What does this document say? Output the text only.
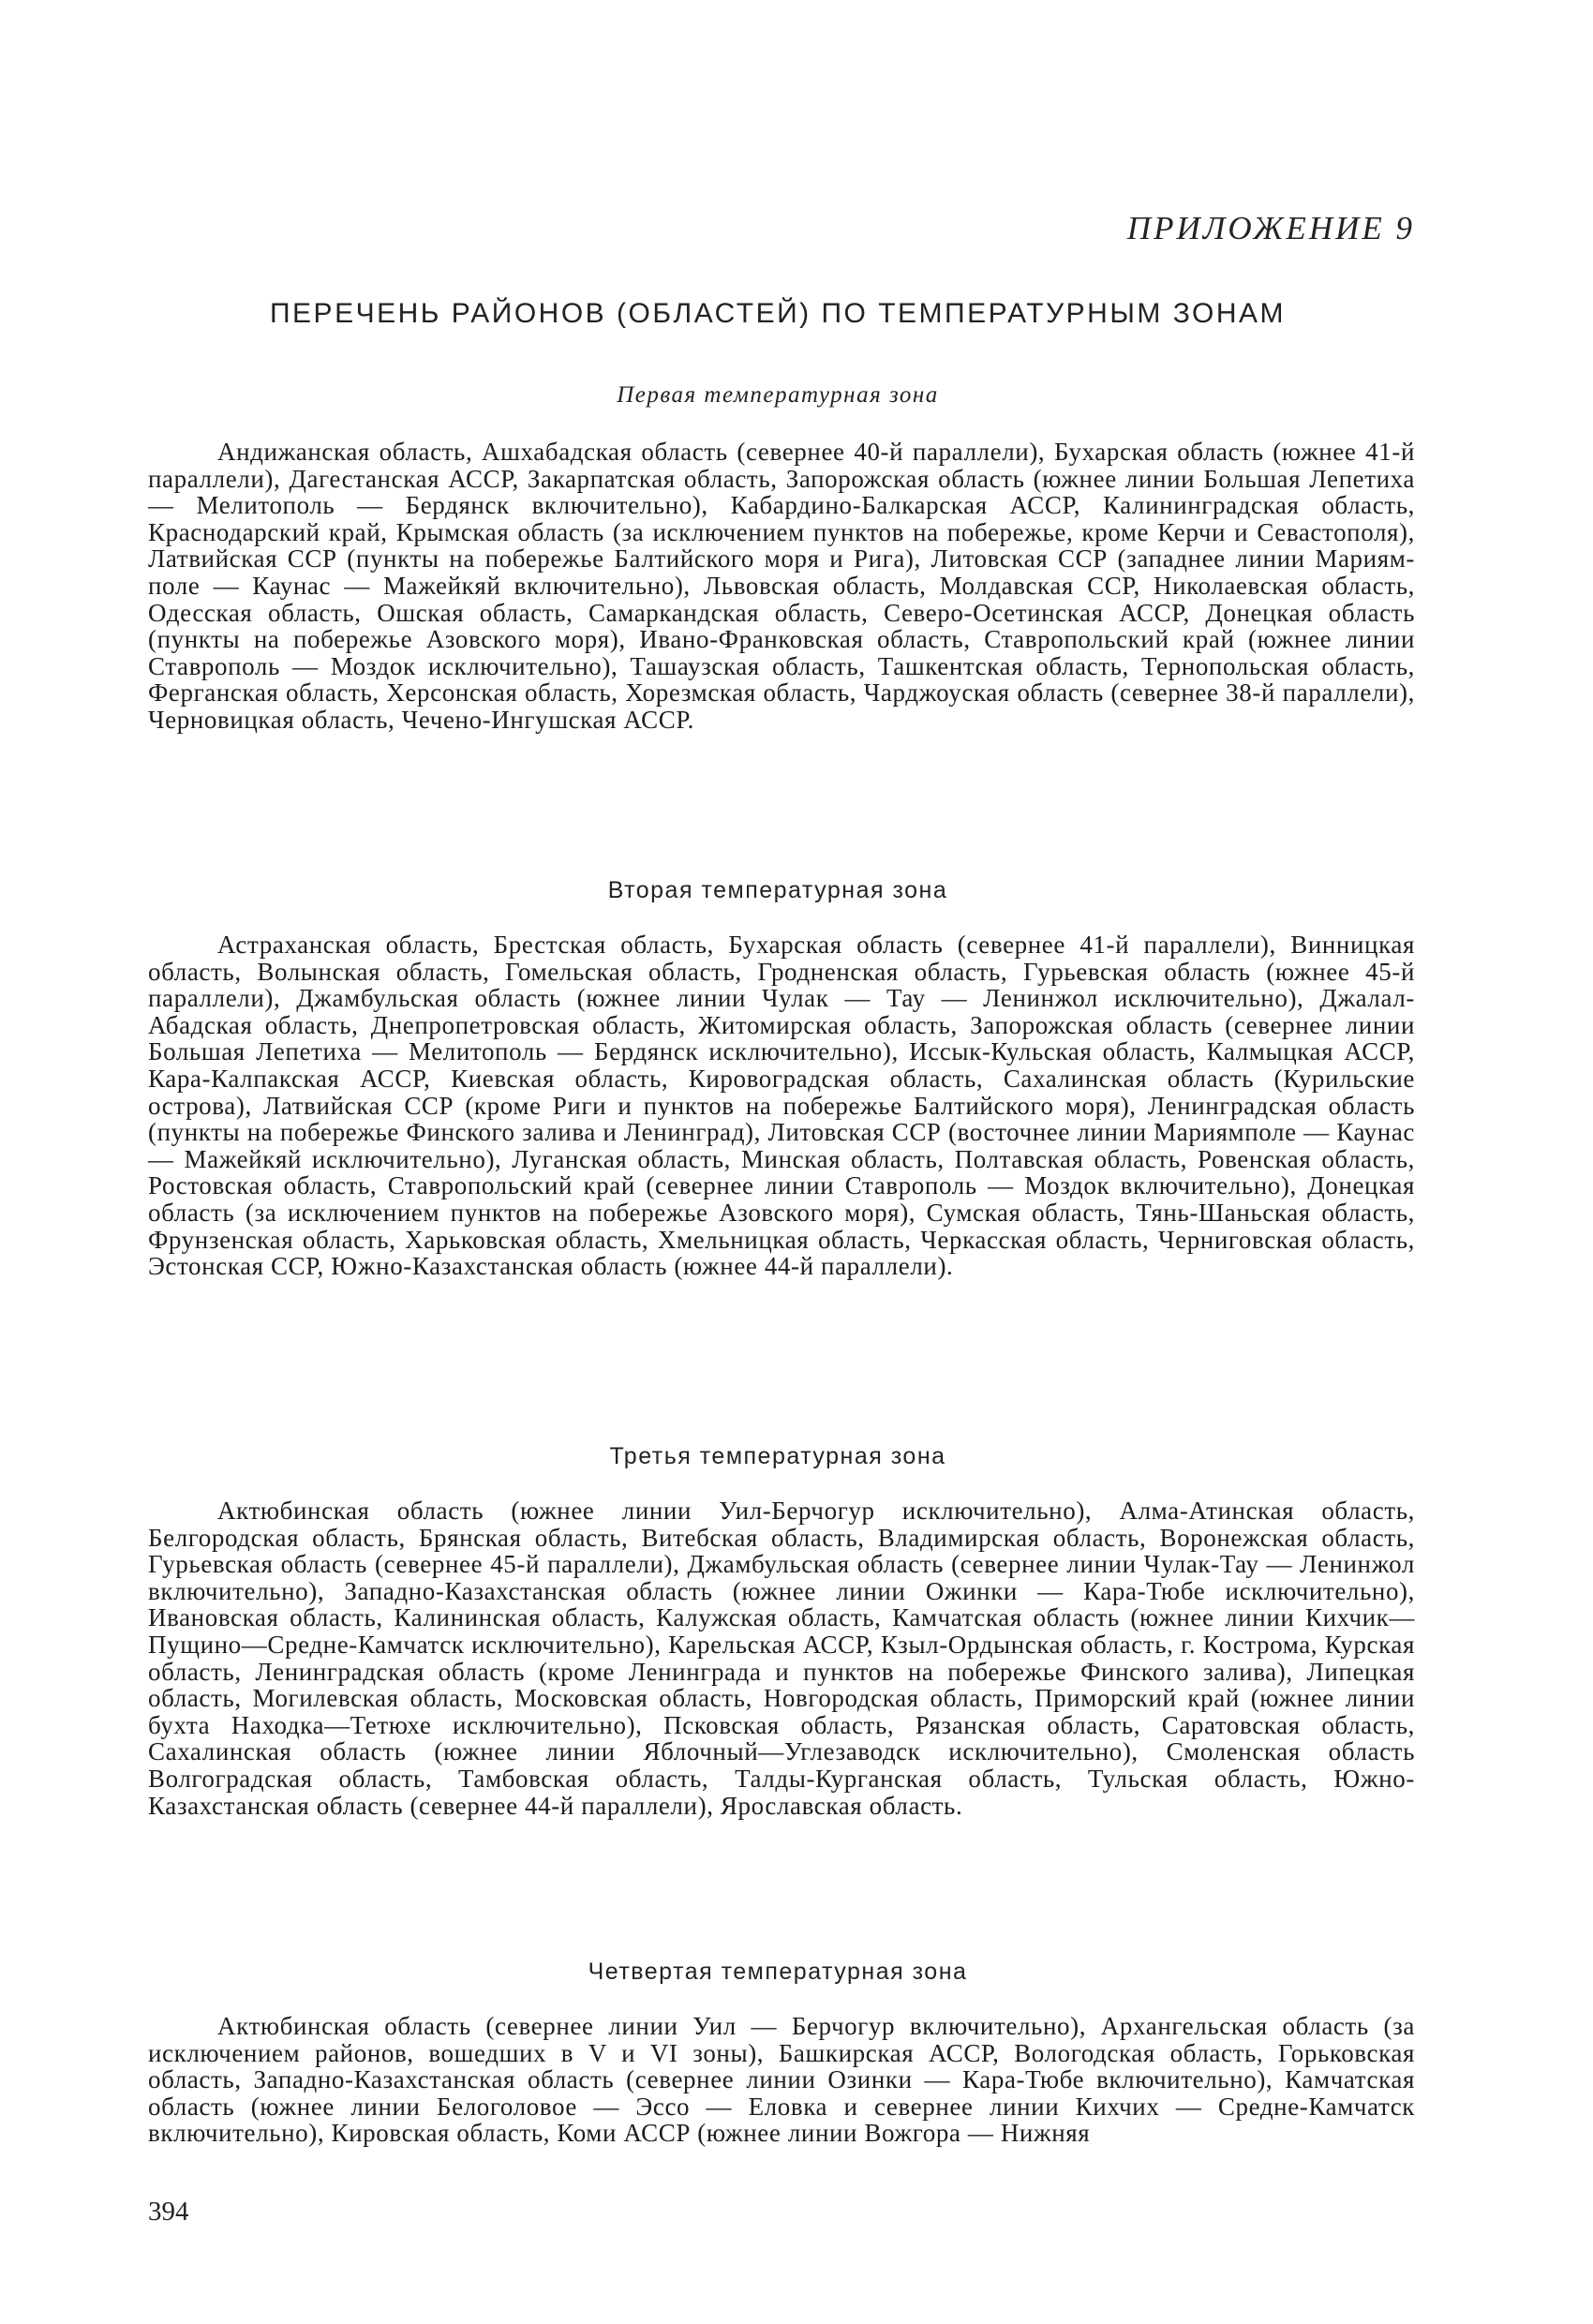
ПРИЛОЖЕНИЕ 9
ПЕРЕЧЕНЬ РАЙОНОВ (ОБЛАСТЕЙ) ПО ТЕМПЕРАТУРНЫМ ЗОНАМ
Первая температурная зона

Андижанская область, Ашхабадская область (севернее 40-й параллели), Бухарская область (южнее 41-й параллели), Дагестанская АССР, Закарпатская область, Запорожская область (южнее линии Большая Лепетиха — Мелитополь — Бердянск включительно), Кабардино-Балкарская АССР, Калининградская область, Краснодарский край, Крымская область (за исключением пунктов на побережье, кроме Керчи и Севастополя), Латвийская ССР (пункты на побережье Балтийского моря и Рига), Литовская ССР (западнее линии Мариям-поле — Каунас — Мажейкяй включительно), Львовская область, Молдавская ССР, Николаевская область, Одесская область, Ошская область, Самаркандская область, Северо-Осетинская АССР, Донецкая область (пункты на побережье Азовского моря), Ивано-Франковская область, Ставропольский край (южнее линии Ставрополь — Моздок исключительно), Ташаузская область, Ташкентская область, Тернопольская область, Ферганская область, Херсонская область, Хорезмская область, Чарджоуская область (севернее 38-й параллели), Черновицкая область, Чечено-Ингушская АССР.

Вторая температурная зона

Астраханская область, Брестская область, Бухарская область (севернее 41-й параллели), Винницкая область, Волынская область, Гомельская область, Гродненская область, Гурьевская область (южнее 45-й параллели), Джамбульская область (южнее линии Чулак — Тау — Ленинжол исключительно), Джалал-Абадская область, Днепропетровская область, Житомирская область, Запорожская область (севернее линии Большая Лепетиха — Мелитополь — Бердянск исключительно), Иссык-Кульская область, Калмыцкая АССР, Кара-Калпакская АССР, Киевская область, Кировоградская область, Сахалинская область (Курильские острова), Латвийская ССР (кроме Риги и пунктов на побережье Балтийского моря), Ленинградская область (пункты на побережье Финского залива и Ленинград), Литовская ССР (восточнее линии Мариямполе — Каунас — Мажейкяй исключительно), Луганская область, Минская область, Полтавская область, Ровенская область, Ростовская область, Ставропольский край (севернее линии Ставрополь — Моздок включительно), Донецкая область (за исключением пунктов на побережье Азовского моря), Сумская область, Тянь-Шаньская область, Фрунзенская область, Харьковская область, Хмельницкая область, Черкасская область, Черниговская область, Эстонская ССР, Южно-Казахстанская область (южнее 44-й параллели).

Третья температурная зона

Актюбинская область (южнее линии Уил-Берчогур исключительно), Алма-Атинская область, Белгородская область, Брянская область, Витебская область, Владимирская область, Воронежская область, Гурьевская область (севернее 45-й параллели), Джамбульская область (севернее линии Чулак-Тау — Ленинжол включительно), Западно-Казахстанская область (южнее линии Ожинки — Кара-Тюбе исключительно), Ивановская область, Калининская область, Калужская область, Камчатская область (южнее линии Кихчик—Пущино—Средне-Камчатск исключительно), Карельская АССР, Кзыл-Ордынская область, г. Кострома, Курская область, Ленинградская область (кроме Ленинграда и пунктов на побережье Финского залива), Липецкая область, Могилевская область, Московская область, Новгородская область, Приморский край (южнее линии бухта Находка—Тетюхе исключительно), Псковская область, Рязанская область, Саратовская область, Сахалинская область (южнее линии Яблочный—Углезаводск исключительно), Смоленская область Волгоградская область, Тамбовская область, Талды-Курганская область, Тульская область, Южно-Казахстанская область (севернее 44-й параллели), Ярославская область.

Четвертая температурная зона

Актюбинская область (севернее линии Уил — Берчогур включительно), Архангельская область (за исключением районов, вошедших в V и VI зоны), Башкирская АССР, Вологодская область, Горьковская область, Западно-Казахстанская область (севернее линии Озинки — Кара-Тюбе включительно), Камчатская область (южнее линии Белоголовое — Эссо — Еловка и севернее линии Кихчих — Средне-Камчатск включительно), Кировская область, Коми АССР (южнее линии Вожгора — Нижняя

394
